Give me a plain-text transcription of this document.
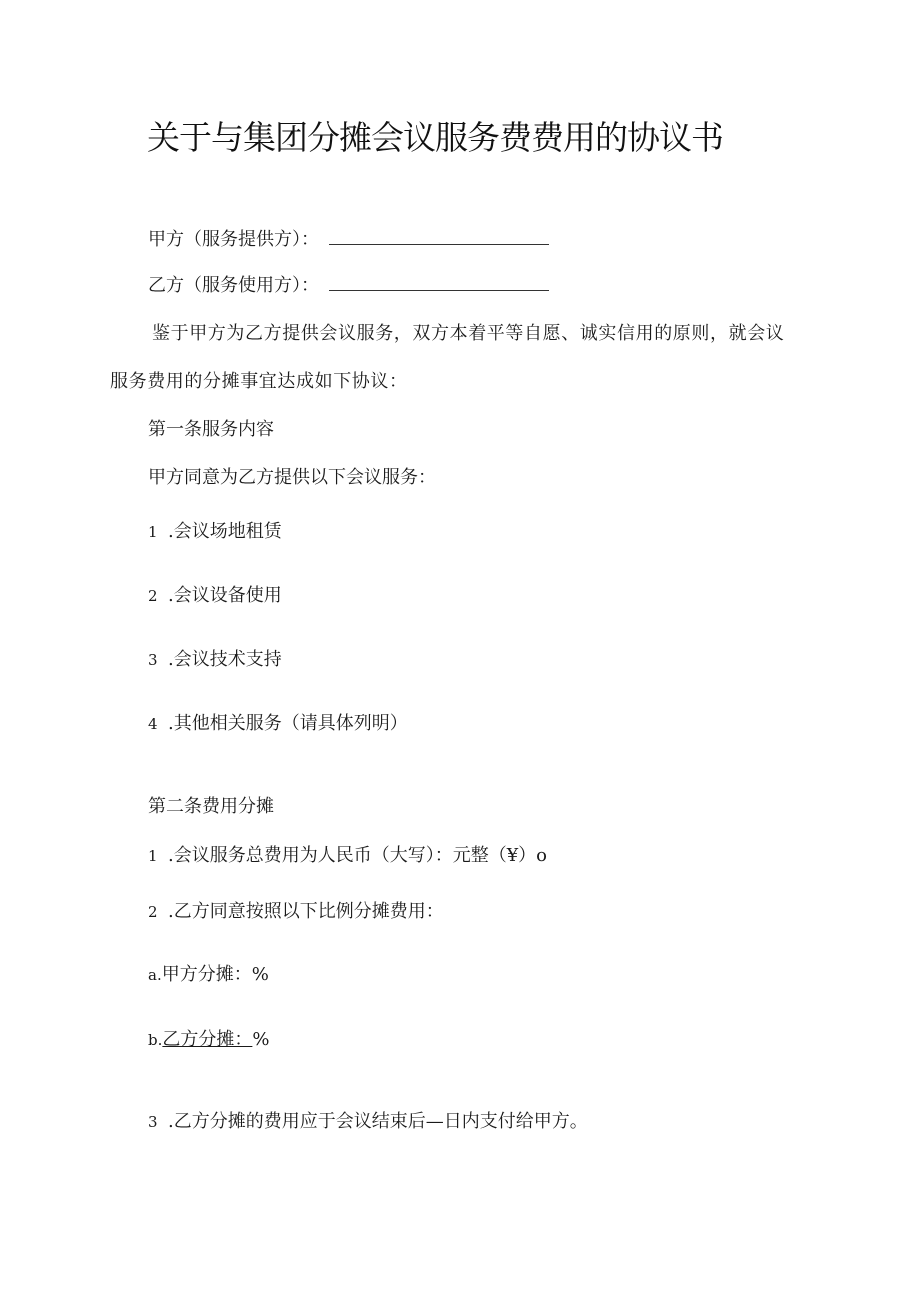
关于与集团分摊会议服务费费用的协议书
甲方（服务提供方）：
乙方（服务使用方）：
鉴于甲方为乙方提供会议服务，双方本着平等自愿、诚实信用的原则，就会议服务费用的分摊事宜达成如下协议：
第一条服务内容
甲方同意为乙方提供以下会议服务：
1 .会议场地租赁
2 .会议设备使用
3 .会议技术支持
4 .其他相关服务（请具体列明）
第二条费用分摊
1 .会议服务总费用为人民币（大写）：元整（¥）o
2 .乙方同意按照以下比例分摊费用：
a.甲方分摊：%
b.乙方分摊：%
3 .乙方分摊的费用应于会议结束后—日内支付给甲方。
